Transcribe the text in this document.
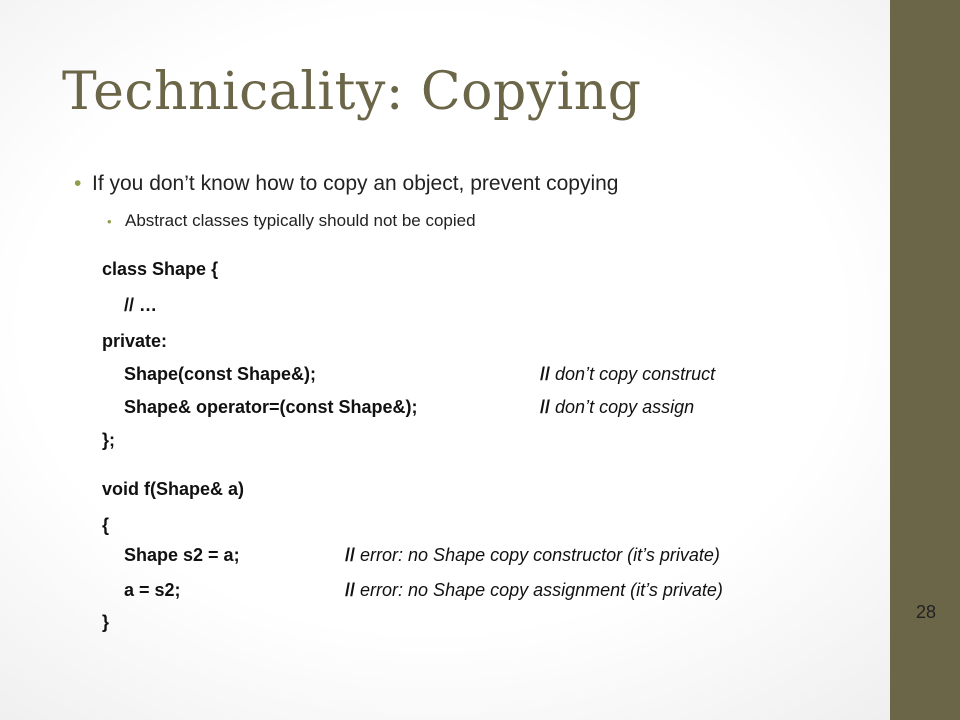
Technicality: Copying
• If you don’t know how to copy an object, prevent copying
• Abstract classes typically should not be copied
class Shape {
// …
private:
Shape(const Shape&);	// don’t copy construct
Shape& operator=(const Shape&);	// don’t copy assign
};
void f(Shape& a)
{
Shape s2 = a;	// error: no Shape copy constructor (it’s private)
a = s2;	// error: no Shape copy assignment (it’s private)
}
CSC1253, Fall 2010, Lecture 13    October 28th, 2010
28
